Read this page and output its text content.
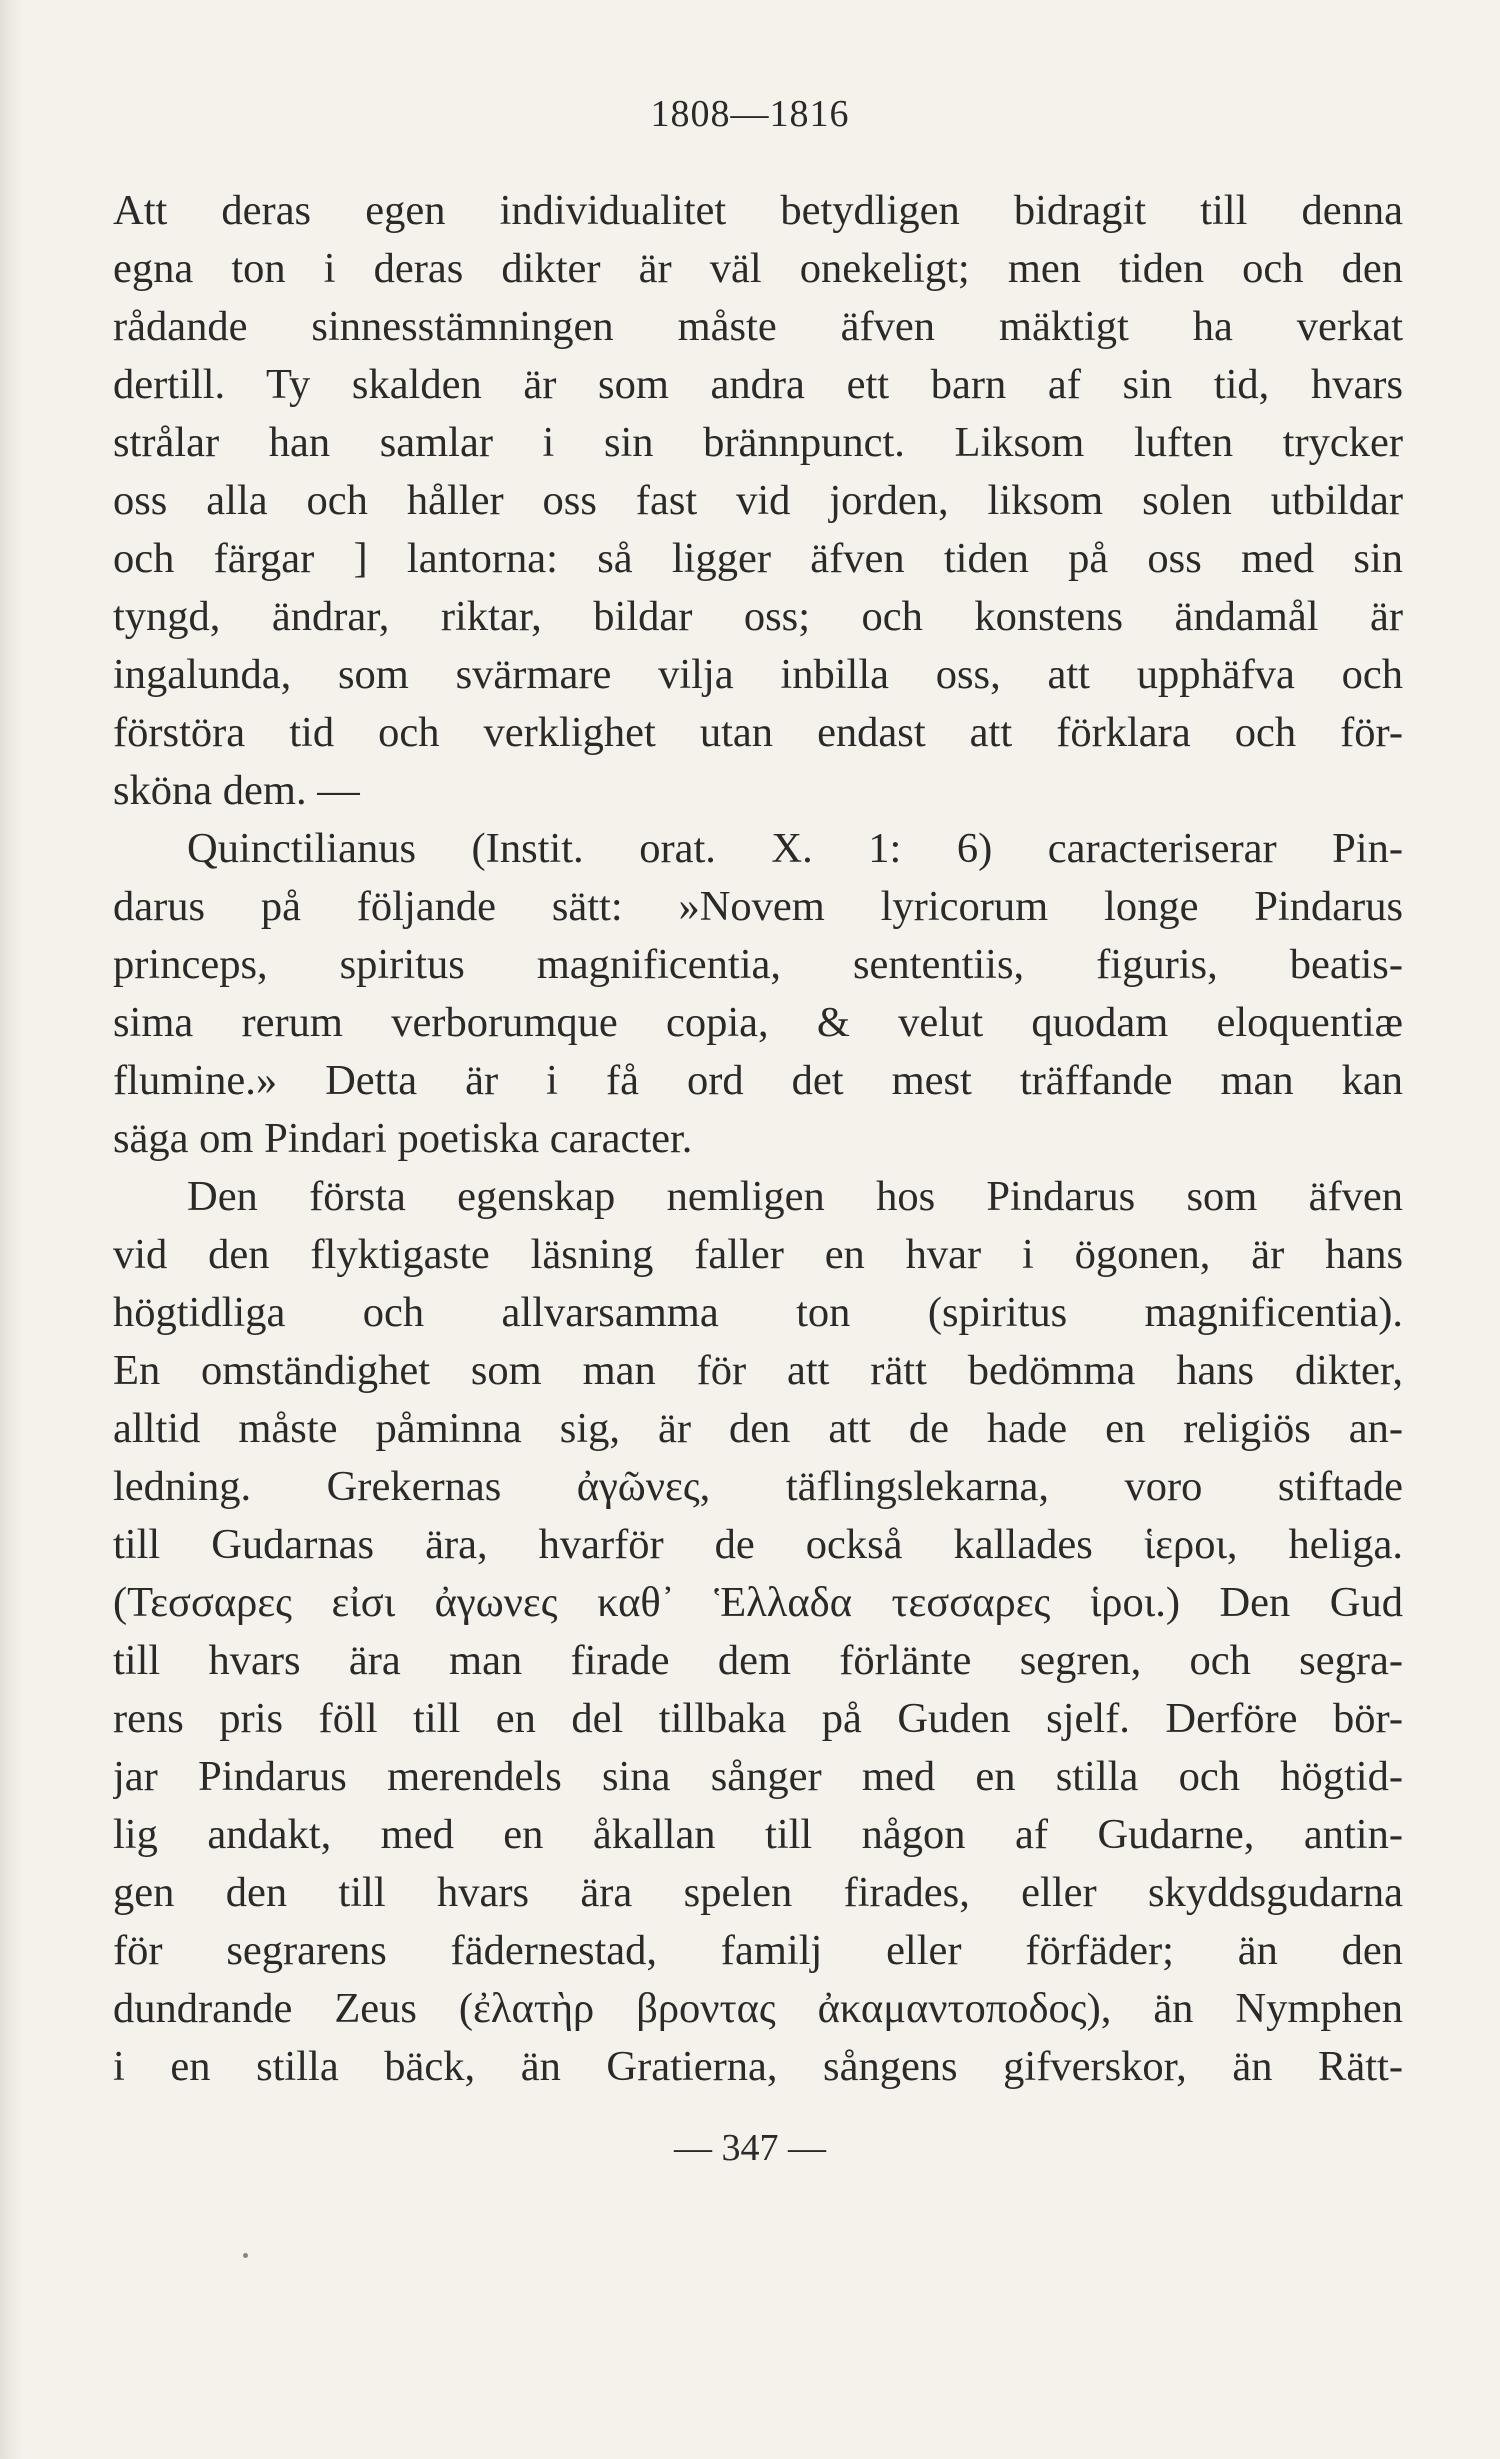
1808—1816
Att deras egen individualitet betydligen bidragit till denna
egna ton i deras dikter är väl onekeligt; men tiden och den
rådande sinnesstämningen måste äfven mäktigt ha verkat
dertill. Ty skalden är som andra ett barn af sin tid, hvars
strålar han samlar i sin brännpunct. Liksom luften trycker
oss alla och håller oss fast vid jorden, liksom solen utbildar
och färgar ] lantorna: så ligger äfven tiden på oss med sin
tyngd, ändrar, riktar, bildar oss; och konstens ändamål är
ingalunda, som svärmare vilja inbilla oss, att upphäfva och
förstöra tid och verklighet utan endast att förklara och för-
sköna dem. —
Quinctilianus (Instit. orat. X. 1: 6) caracteriserar Pin-
darus på följande sätt: »Novem lyricorum longe Pindarus
princeps, spiritus magnificentia, sententiis, figuris, beatis-
sima rerum verborumque copia, & velut quodam eloquentiæ
flumine.» Detta är i få ord det mest träffande man kan
säga om Pindari poetiska caracter.
Den första egenskap nemligen hos Pindarus som äfven
vid den flyktigaste läsning faller en hvar i ögonen, är hans
högtidliga och allvarsamma ton (spiritus magnificentia).
En omständighet som man för att rätt bedömma hans dikter,
alltid måste påminna sig, är den att de hade en religiös an-
ledning. Grekernas ἀγῶνες, täflingslekarna, voro stiftade
till Gudarnas ära, hvarför de också kallades ἱεροι, heliga.
(Τεσσαρες εἰσι ἀγωνες καθ᾽ Ἑλλαδα τεσσαρες ἱροι.) Den Gud
till hvars ära man firade dem förlänte segren, och segra-
rens pris föll till en del tillbaka på Guden sjelf. Derföre bör-
jar Pindarus merendels sina sånger med en stilla och högtid-
lig andakt, med en åkallan till någon af Gudarne, antin-
gen den till hvars ära spelen firades, eller skyddsgudarna
för segrarens fädernestad, familj eller förfäder; än den
dundrande Zeus (ἐλατὴρ βροντας ἀκαμαντοποδος), än Nymphen
i en stilla bäck, än Gratierna, sångens gifverskor, än Rätt-
— 347 —
